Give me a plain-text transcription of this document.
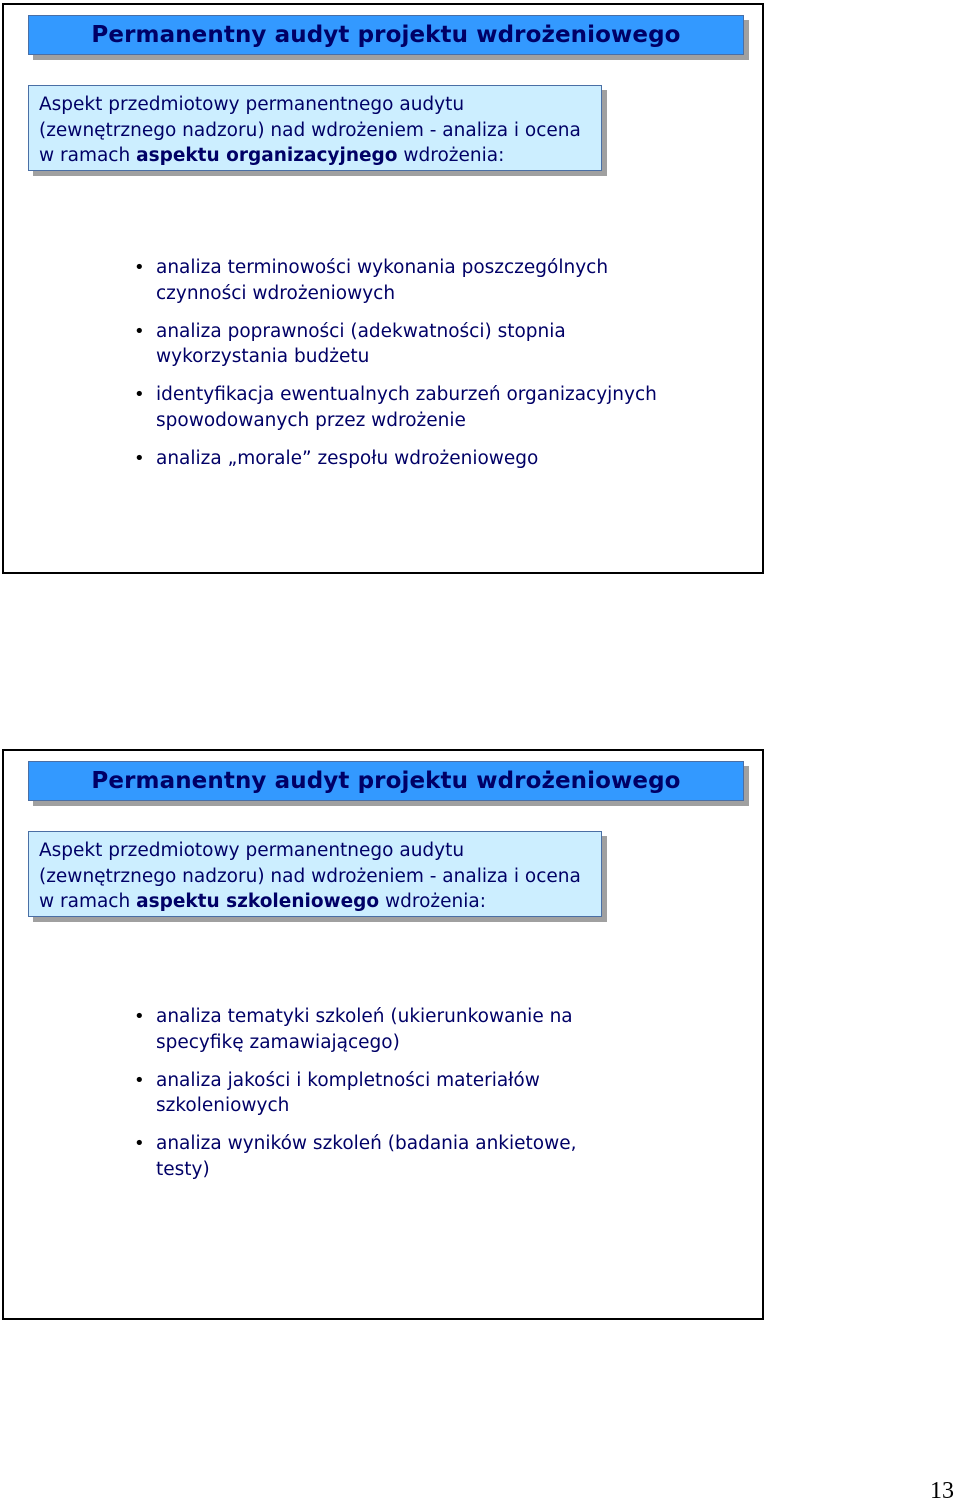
Permanentny audyt projektu wdrożeniowego
Aspekt przedmiotowy permanentnego audytu
(zewnętrznego nadzoru) nad wdrożeniem - analiza i ocena
w ramach aspektu organizacyjnego wdrożenia:
• analiza terminowości wykonania poszczególnych
czynności wdrożeniowych
• analiza poprawności (adekwatności) stopnia
wykorzystania budżetu
• identyfikacja ewentualnych zaburzeń organizacyjnych
spowodowanych przez wdrożenie
• analiza „morale” zespołu wdrożeniowego
Permanentny audyt projektu wdrożeniowego
Aspekt przedmiotowy permanentnego audytu
(zewnętrznego nadzoru) nad wdrożeniem - analiza i ocena
w ramach aspektu szkoleniowego wdrożenia:
• analiza tematyki szkoleń (ukierunkowanie na
specyfikę zamawiającego)
• analiza jakości i kompletności materiałów
szkoleniowych
• analiza wyników szkoleń (badania ankietowe,
testy)
13
